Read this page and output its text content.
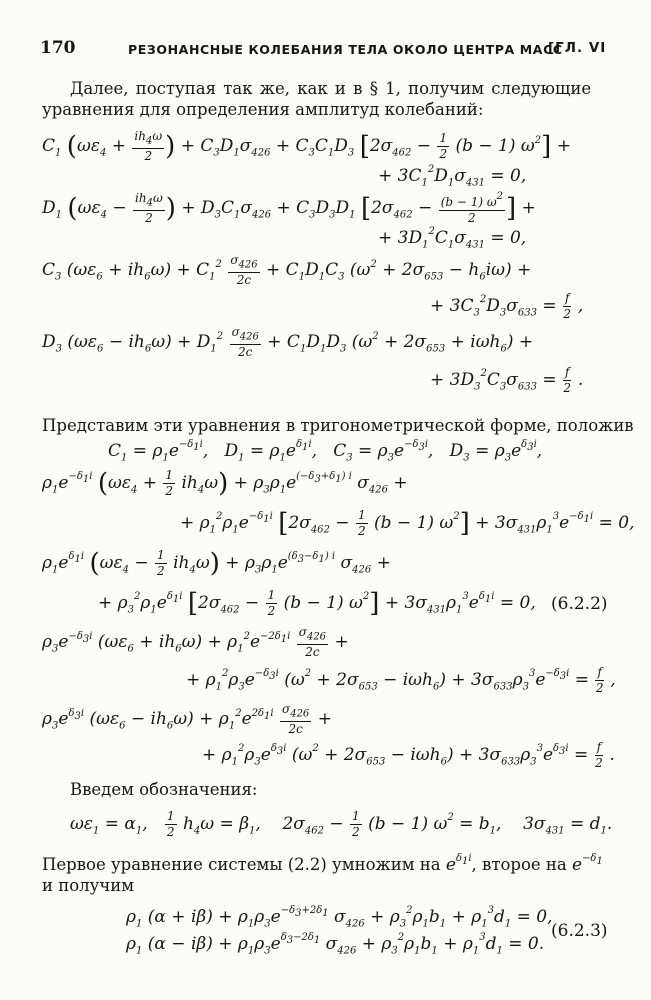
170	РЕЗОНАНСНЫЕ КОЛЕБАНИЯ ТЕЛА ОКОЛО ЦЕНТРА МАСС
[ГЛ. VI
Далее, поступая так же, как и в § 1, получим следующие
уравнения для определения амплитуд колебаний:
$C_1$ ($\omega\varepsilon_4 + \frac{ih_4\omega}{2}$ ) + $C_3D_1\sigma_{426} + C_3C_1D_3$ $[2\sigma_{462} - \frac{1}{2} (b - 1) \omega^2]$ +
+ $3C_1^2D_1\sigma_{431} = 0$,
$D_1$ ($\omega\varepsilon_4 - \frac{ih_4\omega}{2}$ ) + $D_3C_1\sigma_{426} + C_3D_3D_1$ [$2\sigma_{462} - \frac{(b - 1) \omega^2}{2}$ ] +
+ $3D_1^2C_1\sigma_{431} = 0$,
$C_3$ $(\omega\varepsilon_6 + ih_6\omega) + C_1^2 \frac{\sigma_{426}}{2c} + C_1D_1C_3$ $(\omega^2 + 2\sigma_{653} - h_6i\omega)$ +
+ $3C_3^2D_3\sigma_{633} = \frac{f}{2}$ ,
$D_3$ $(\omega\varepsilon_6 - ih_6\omega) + D_1^2 \frac{\sigma_{426}}{2c} + C_1D_1D_3$ $(\omega^2 + 2\sigma_{653} + i\omega h_6)$ +
+ $3D_3^2C_3\sigma_{633} = \frac{f}{2}$ .
Представим эти уравнения в тригонометрической форме, положив
$C_1 = \rho_1e^{-\delta_1i}$,   $D_1 = \rho_1e^{\delta_1i}$,   $C_3 = \rho_3e^{-\delta_3i}$,   $D_3 = \rho_3e^{\delta_3i}$,
$\rho_1e^{-\delta_1i}$ $(\omega\varepsilon_4 + \frac{1}{2} ih_4\omega) + \rho_3\rho_1e^{(-\delta_3+\delta_1) i}$ $\sigma_{426}$ +
+ $\rho_1^2\rho_1e^{-\delta_1i}$ $[2\sigma_{462} - \frac{1}{2} (b - 1) \omega^2] + 3\sigma_{431}\rho_1^3e^{-\delta_1i} = 0$,
$\rho_1e^{\delta_1i}$ $(\omega\varepsilon_4 - \frac{1}{2} ih_4\omega) + \rho_3\rho_1e^{(\delta_3-\delta_1) i}$ $\sigma_{426}$ +
+ $\rho_3^2\rho_1e^{\delta_1i}$ $[2\sigma_{462} - \frac{1}{2} (b - 1) \omega^2] + 3\sigma_{431}\rho_1^3e^{\delta_1i} = 0$, (6.2.2)
$\rho_3e^{-\delta_3i}$ $(\omega\varepsilon_6 + ih_6\omega) + \rho_1^2e^{-2\delta_1i} \frac{\sigma_{426}}{2c}$ +
+ $\rho_1^2\rho_3e^{-\delta_3i}$ $(\omega^2 + 2\sigma_{653} - i\omega h_6) + 3\sigma_{633}\rho_3^3e^{-\delta_3i} = \frac{f}{2}$ ,
$\rho_3e^{\delta_3i}$ $(\omega\varepsilon_6 - ih_6\omega) + \rho_1^2e^{2\delta_1i} \frac{\sigma_{426}}{2c}$ +
+ $\rho_1^2\rho_3e^{\delta_3i}$ $(\omega^2 + 2\sigma_{653} - i\omega h_6) + 3\sigma_{633}\rho_3^3e^{\delta_3i} = \frac{f}{2}$ .
Введем обозначения:
$\omega\varepsilon_1 = \alpha_1$, $\frac{1}{2} h_4\omega = \beta_1$,    $2\sigma_{462} - \frac{1}{2} (b - 1) \omega^2 = b_1$,    $3\sigma_{431} = d_1$.
Первое уравнение системы (2.2) умножим на $e^{\delta_1i}$, второе на $e^{-\delta_1}$
и получим
$\rho_1$ $(\alpha + i\beta) + \rho_1\rho_3e^{-\delta_3+2\delta_1}$ $\sigma_{426} + \rho_3^2\rho_1b_1 + \rho_1^3d_1 = 0$,
$\rho_1$ $(\alpha - i\beta) + \rho_1\rho_3e^{\delta_3-2\delta_1}$ $\sigma_{426} + \rho_3^2\rho_1b_1 + \rho_1^3d_1 = 0$.
(6.2.3)
